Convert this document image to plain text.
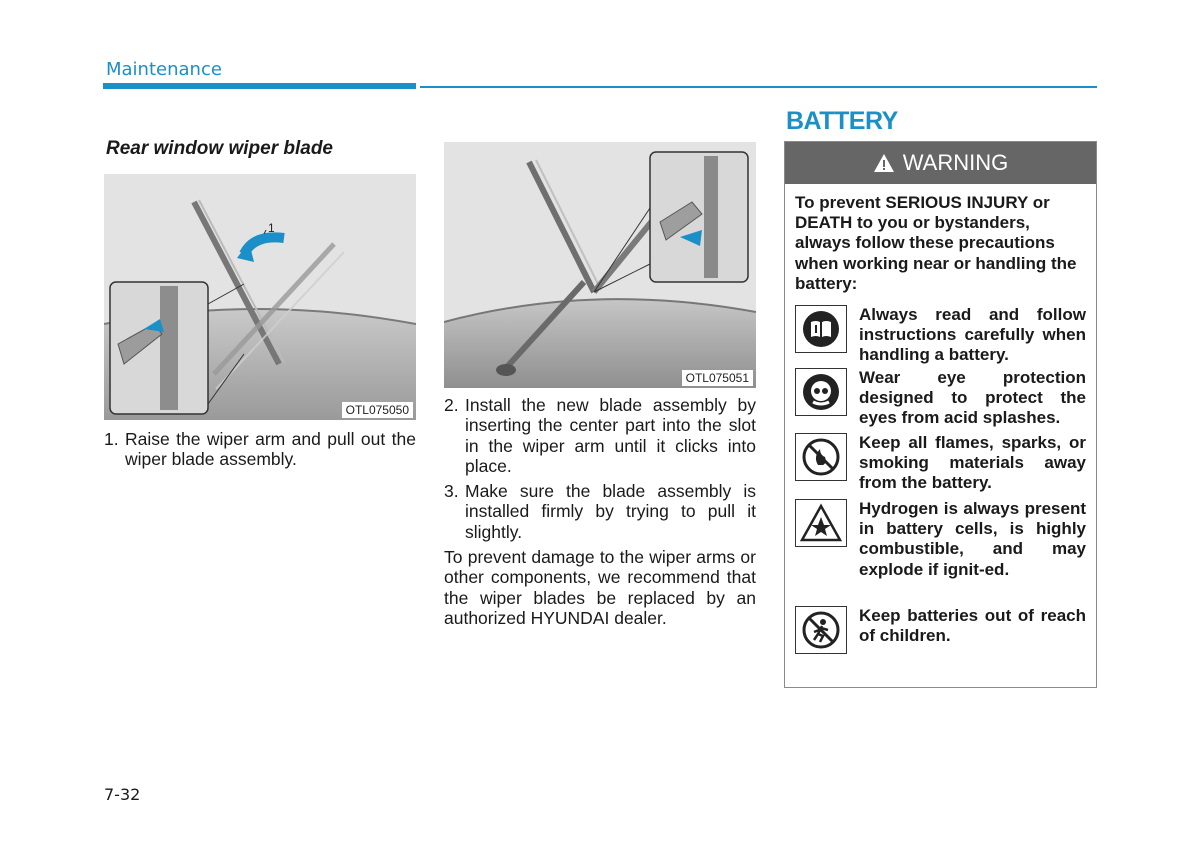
Maintenance
Rear window wiper blade
1
OTL075050
1. Raise the wiper arm and pull out the wiper blade assembly.
OTL075051
2. Install the new blade assembly by inserting the center part into the slot in the wiper arm until it clicks into place.
3. Make sure the blade assembly is installed firmly by trying to pull it slightly.
To prevent damage to the wiper arms or other components, we recommend that the wiper blades be replaced by an authorized HYUNDAI dealer.
BATTERY
WARNING
To prevent SERIOUS INJURY or DEATH to you or bystanders, always follow these precautions when working near or handling the battery:
Always read and follow instructions carefully when handling a battery.
Wear eye protection designed to protect the eyes from acid splashes.
Keep all flames, sparks, or smoking materials away from the battery.
Hydrogen is always present in battery cells, is highly combustible, and may explode if ignit-ed.
Keep batteries out of reach of children.
7-32
